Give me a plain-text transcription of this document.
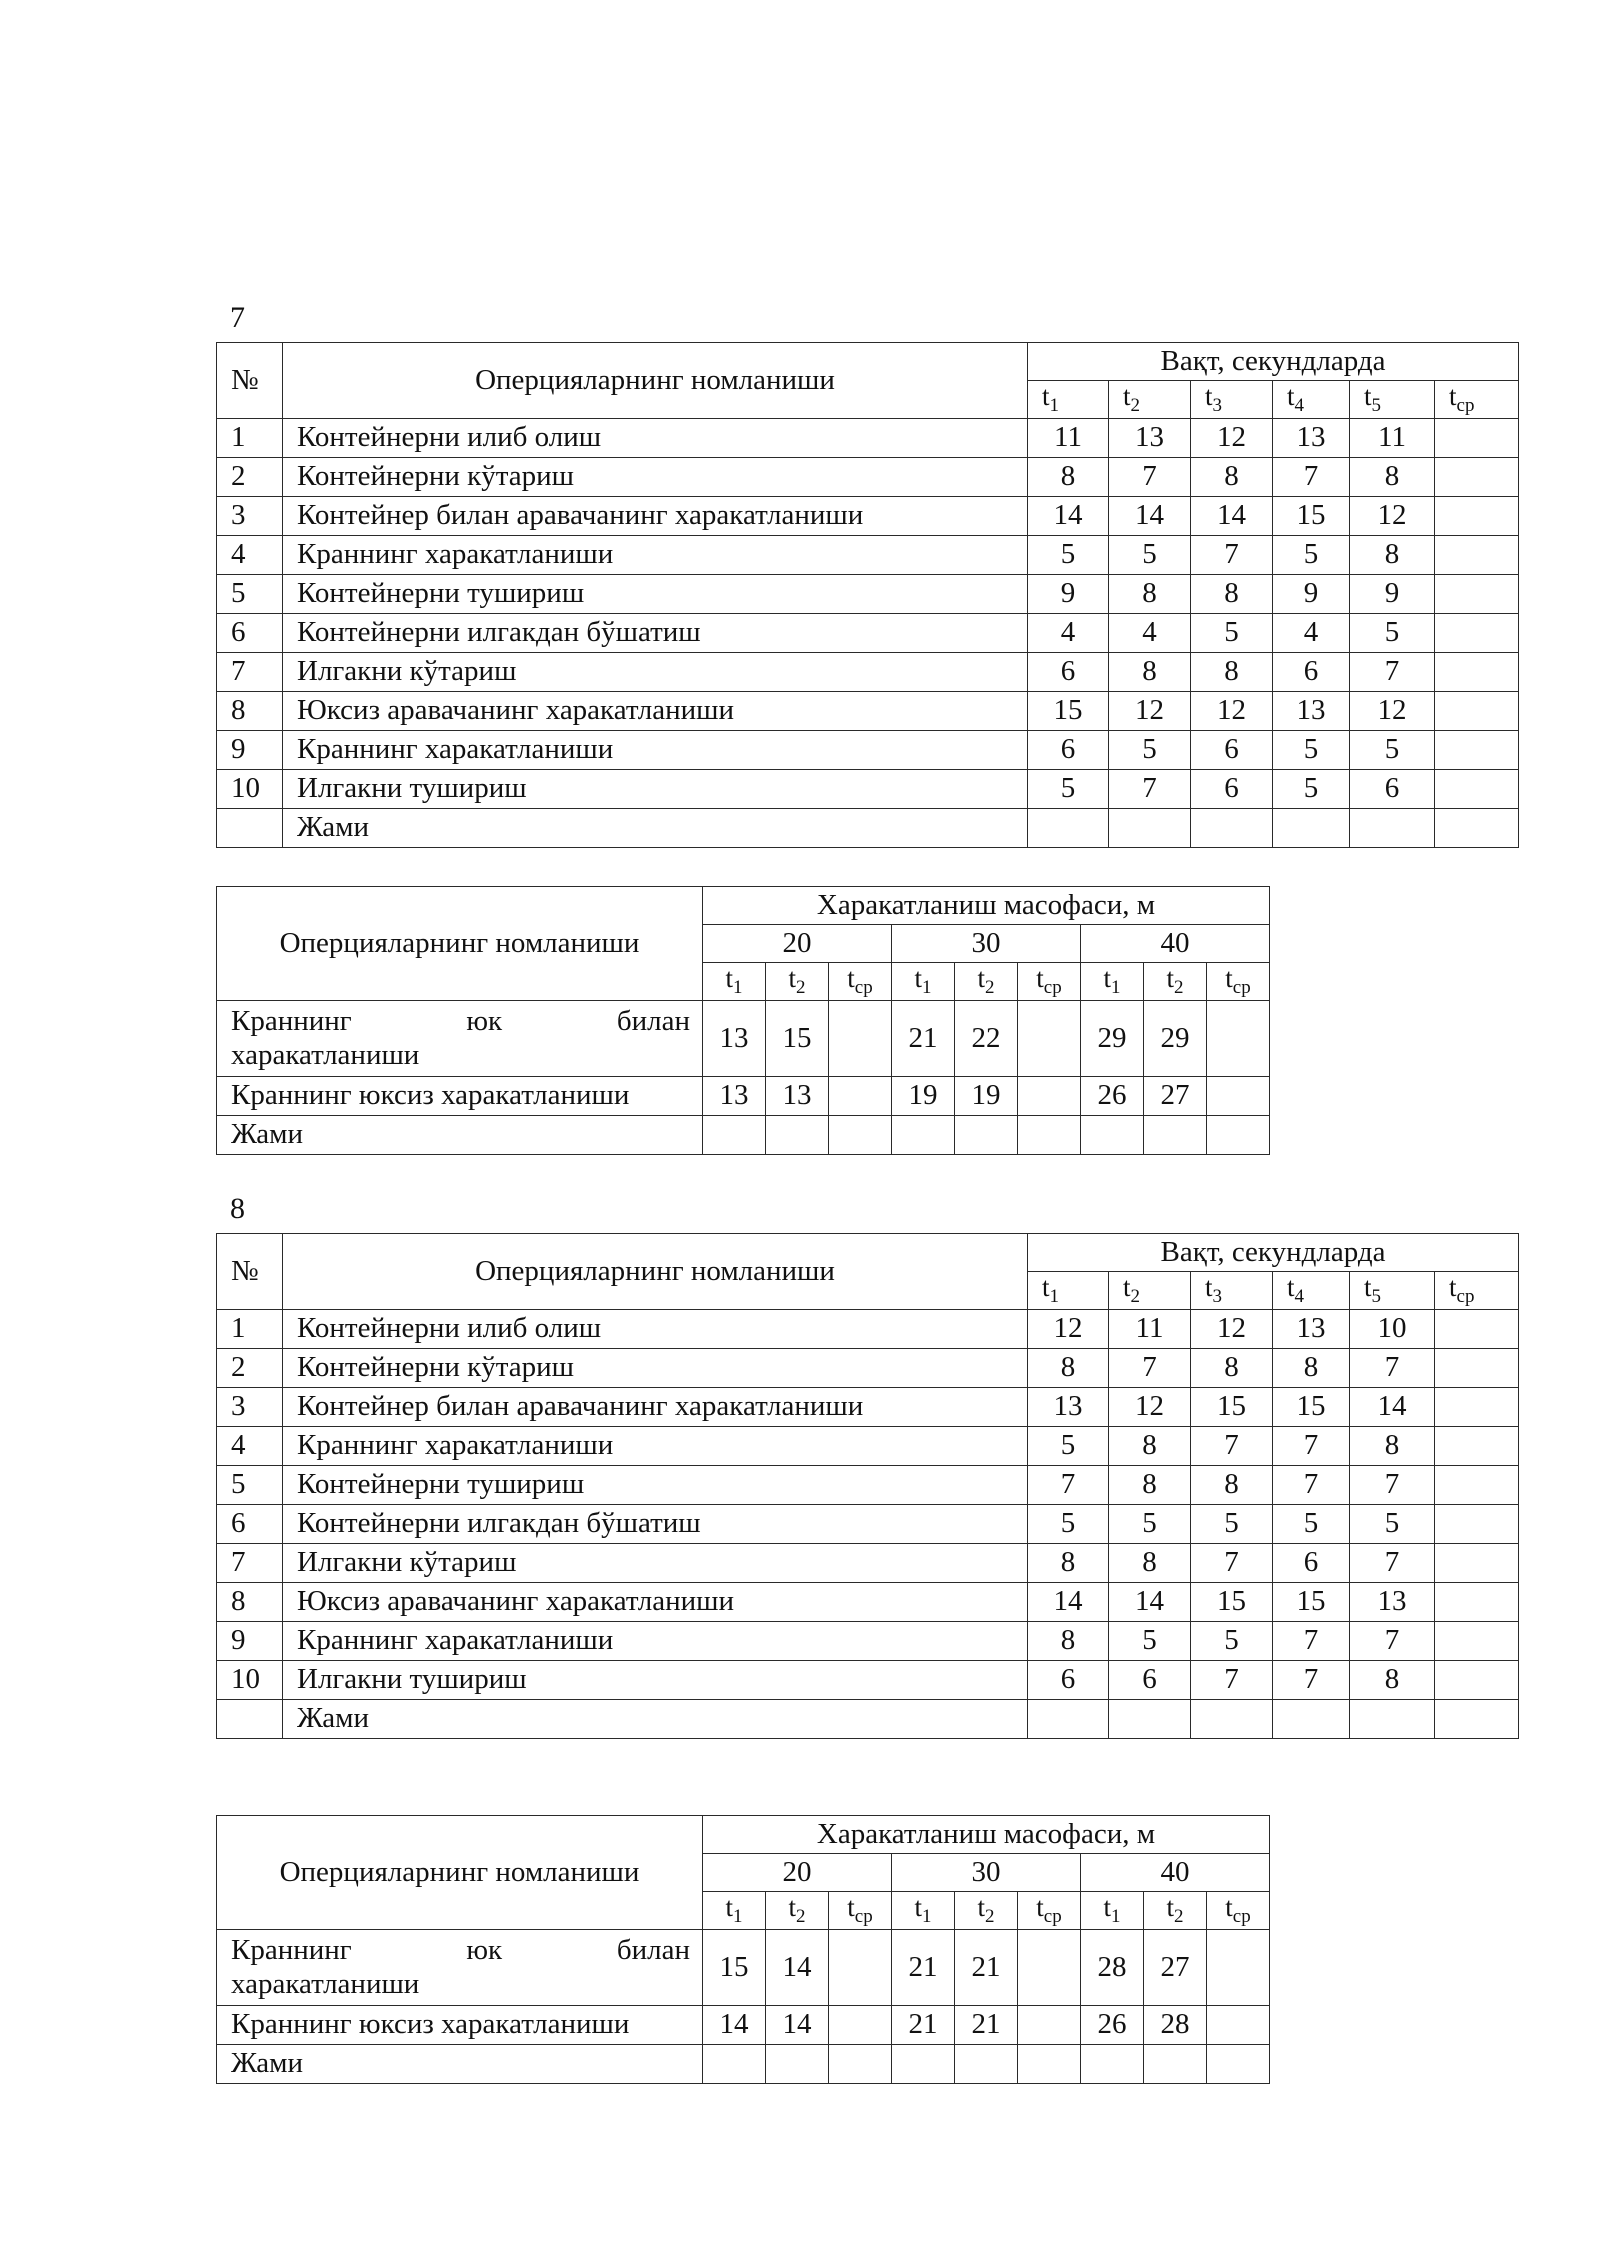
7
№	Оперцияларнинг номланиши	Вақт, секундларда					
		$t_1$	$t_2$	$t_3$	$t_4$	$t_5$	$t_{ср}$
1	Контейнерни илиб олиш	11	13	12	13	11	
2	Контейнерни кўтариш	8	7	8	7	8	
3	Контейнер билан аравачанинг харакатланиши	14	14	14	15	12	
4	Краннинг харакатланиши	5	5	7	5	8	
5	Контейнерни тушириш	9	8	8	9	9	
6	Контейнерни илгакдан бўшатиш	4	4	5	4	5	
7	Илгакни кўтариш	6	8	8	6	7	
8	Юксиз аравачанинг харакатланиши	15	12	12	13	12	
9	Краннинг харакатланиши	6	5	6	5	5	
10	Илгакни тушириш	5	7	6	5	6	
	Жами						
Оперцияларнинг номланиши	Харакатланиш масофаси, м								
	20			30			40		
	$t_1$	$t_2$	$t_{ср}$	$t_1$	$t_2$	$t_{ср}$	$t_1$	$t_2$	$t_{ср}$

Краннинг юк билан
харакатланиши	13	15		21	22		29	29	
Краннинг юксиз харакатланиши	13	13		19	19		26	27	
Жами									
8
№	Оперцияларнинг номланиши	Вақт, секундларда					
		$t_1$	$t_2$	$t_3$	$t_4$	$t_5$	$t_{ср}$
1	Контейнерни илиб олиш	12	11	12	13	10	
2	Контейнерни кўтариш	8	7	8	8	7	
3	Контейнер билан аравачанинг харакатланиши	13	12	15	15	14	
4	Краннинг харакатланиши	5	8	7	7	8	
5	Контейнерни тушириш	7	8	8	7	7	
6	Контейнерни илгакдан бўшатиш	5	5	5	5	5	
7	Илгакни кўтариш	8	8	7	6	7	
8	Юксиз аравачанинг харакатланиши	14	14	15	15	13	
9	Краннинг харакатланиши	8	5	5	7	7	
10	Илгакни тушириш	6	6	7	7	8	
	Жами						
Оперцияларнинг номланиши	Харакатланиш масофаси, м								
	20			30			40		
	$t_1$	$t_2$	$t_{ср}$	$t_1$	$t_2$	$t_{ср}$	$t_1$	$t_2$	$t_{ср}$

Краннинг юк билан
харакатланиши	15	14		21	21		28	27	
Краннинг юксиз харакатланиши	14	14		21	21		26	28	
Жами									
